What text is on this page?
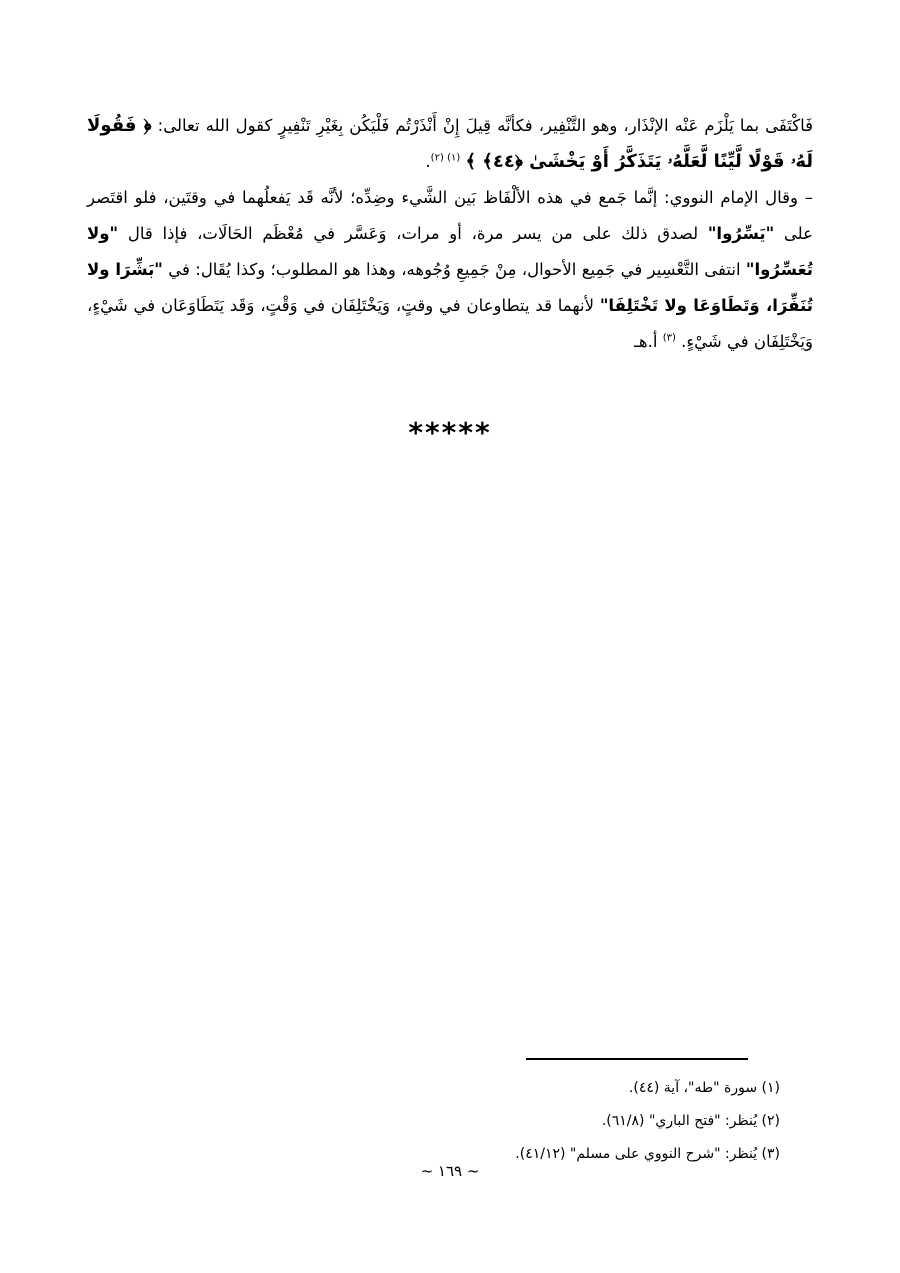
فَاكْتَفَى بما يَلْزَم عَنْه الإنْذَار، وهو التَّنْفِير، فكأنَّه قِيلَ إِنْ أَنْذَرْتُم فَلْيَكُن بِغَيْرِ تَنْفِيرٍ كقول الله تعالى: ﴿ فَقُولَا لَهُۥ قَوْلًا لَّيِّنًا لَّعَلَّهُۥ يَتَذَكَّرُ أَوْ يَخْشَىٰ ﴿٤٤﴾ ﴾ $^{(١) (٢)}$.

– وقال الإمام النووي: إنَّما جَمع في هذه الألْفَاظ بَين الشَّيء وضِدِّه؛ لأنَّه قَد يَفعلُهما في وقتَين، فلو اقتَصر على "يَسِّرُوا" لصدق ذلك على من يسر مرة، أو مرات، وَعَسَّر في مُعْظَم الحَالَات، فإذا قال "ولا تُعَسِّرُوا" انتفى التَّعْسِير في جَمِيع الأحوال، مِنْ جَمِيعِ وُجُوهه، وهذا هو المطلوب؛ وكذا يُقَال: في "بَشِّرَا ولا تُنَفِّرَا، وَتَطَاوَعَا ولا تَخْتَلِفَا" لأنهما قد يتطاوعان في وقتٍ، وَيَخْتَلِفَان في وَقْتٍ، وَقَد يَتَطَاوَعَان في شَيْءٍ، وَيَخْتَلِفَان في شَيْءٍ. $^{(٣)}$ أ.هـ

*****

(١) سورة "طه"، آية (٤٤).

(٢) يُنظر: "فتح الباري" (٦١/٨).

(٣) يُنظر: "شرح النووي على مسلم" (٤١/١٢).

~ ١٦٩ ~
